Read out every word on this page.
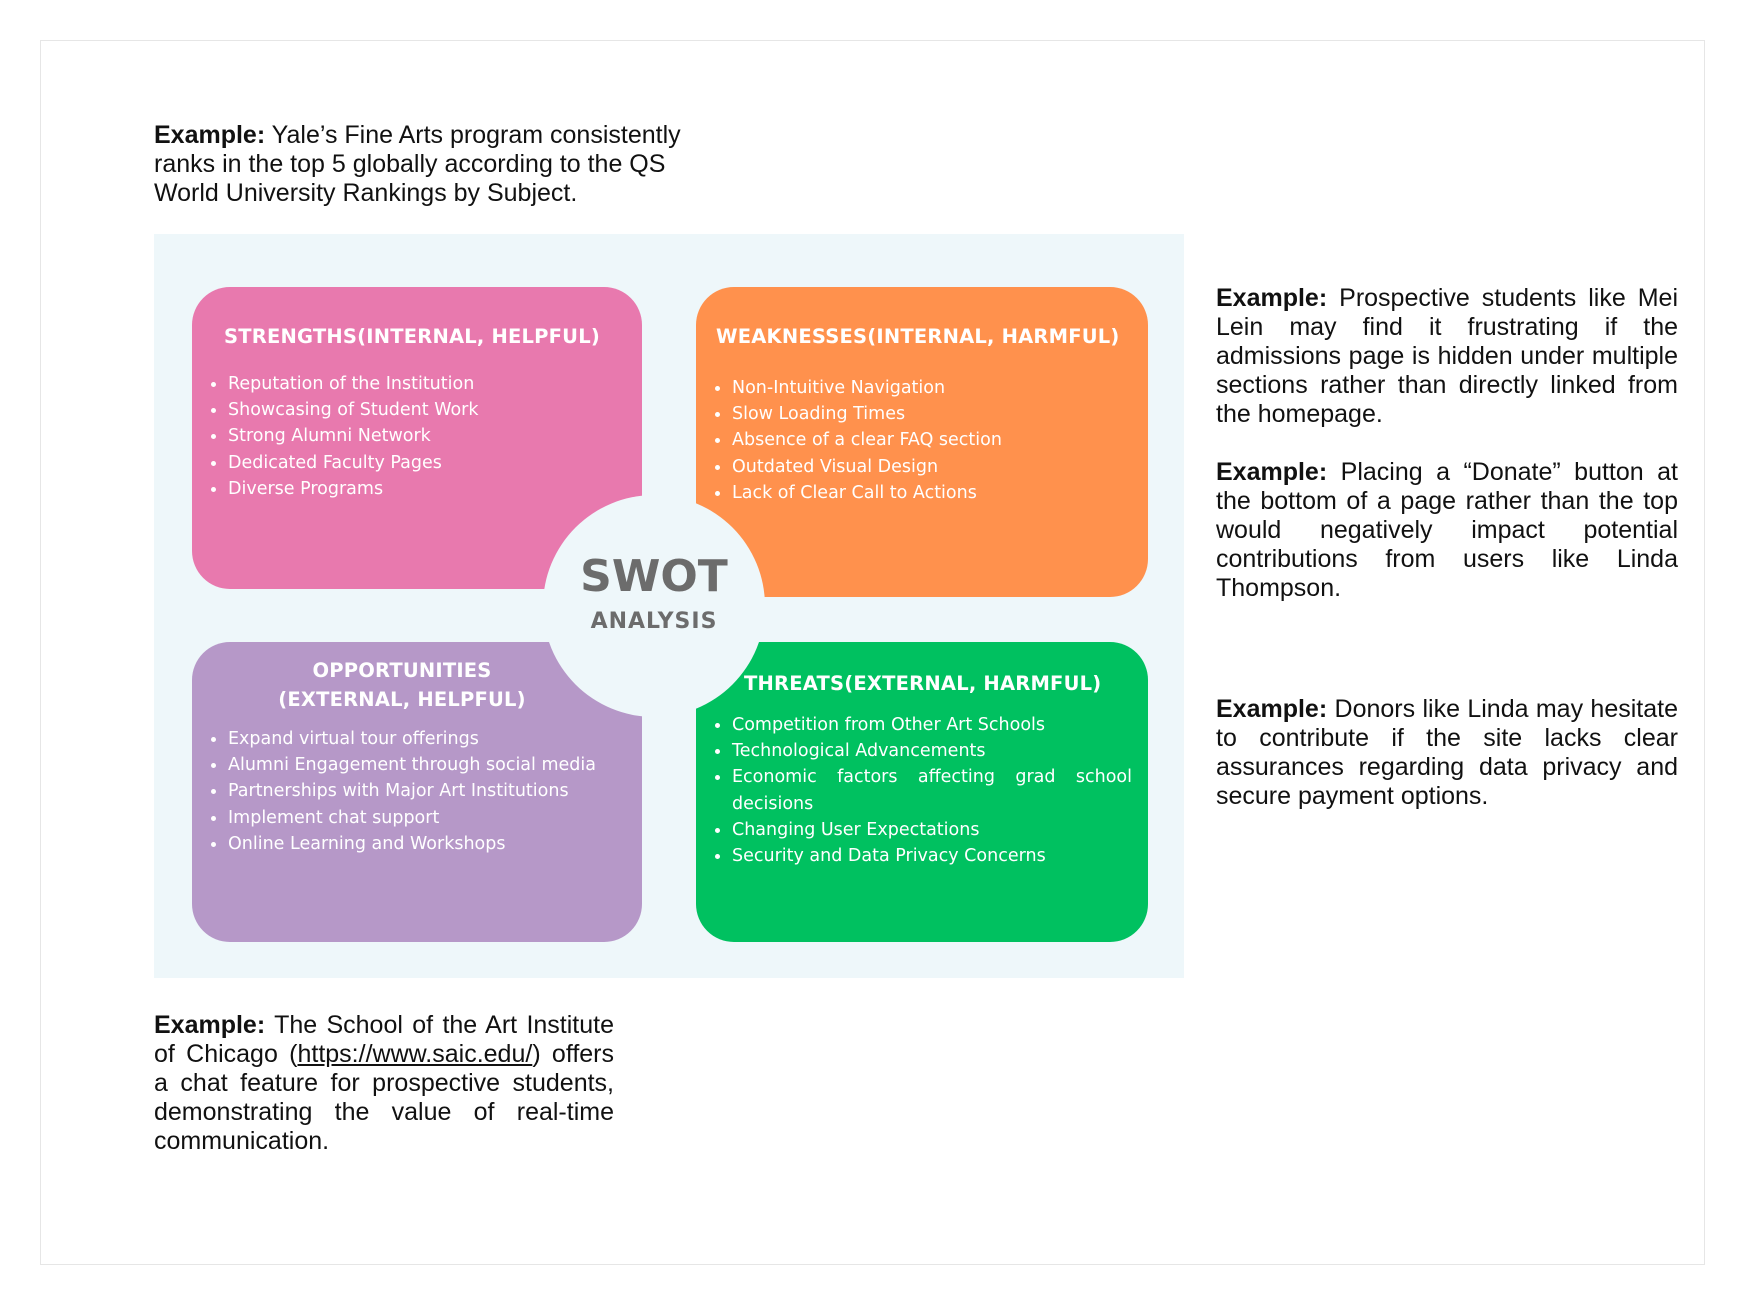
Example: Yale’s Fine Arts program consistently ranks in the top 5 globally according to the QS World University Rankings by Subject.
STRENGTHS(INTERNAL, HELPFUL)
Reputation of the Institution
Showcasing of Student Work
Strong Alumni Network
Dedicated Faculty Pages
Diverse Programs
WEAKNESSES(INTERNAL, HARMFUL)
Non-Intuitive Navigation
Slow Loading Times
Absence of a clear FAQ section
Outdated Visual Design
Lack of Clear Call to Actions
OPPORTUNITIES
(EXTERNAL, HELPFUL)
Expand virtual tour offerings
Alumni Engagement through social media
Partnerships with Major Art Institutions
Implement chat support
Online Learning and Workshops
THREATS(EXTERNAL, HARMFUL)
Competition from Other Art Schools
Technological Advancements
Economic factors affecting grad school decisions
Changing User Expectations
Security and Data Privacy Concerns
SWOT
ANALYSIS
Example: Prospective students like Mei Lein may find it frustrating if the admissions page is hidden under multiple sections rather than directly linked from the homepage.
Example: Placing a “Donate” button at the bottom of a page rather than the top would negatively impact potential contributions from users like Linda Thompson.
Example: Donors like Linda may hesitate to contribute if the site lacks clear assurances regarding data privacy and secure payment options.
Example: The School of the Art Institute of Chicago (https://www.saic.edu/) offers a chat feature for prospective students, demonstrating the value of real-time communication.
